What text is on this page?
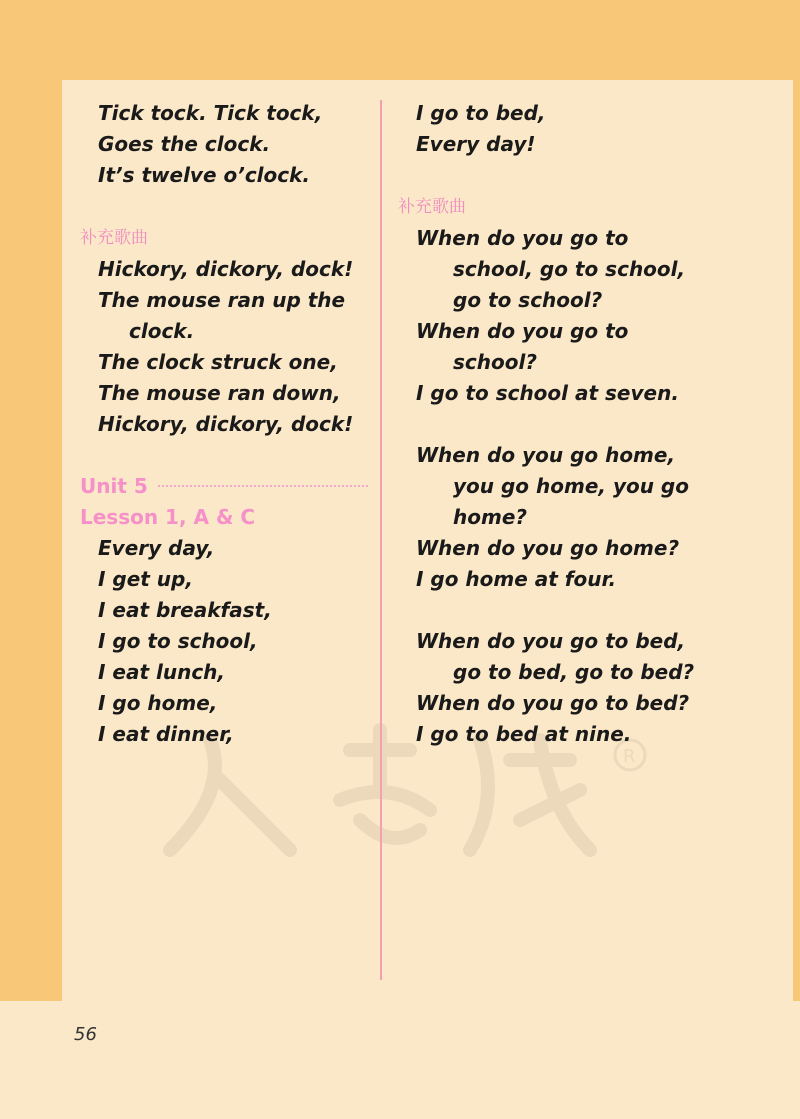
R
Tick tock. Tick tock,
Goes the clock.
It’s twelve o’clock.
补充歌曲
Hickory, dickory, dock!
The mouse ran up the
clock.
The clock struck one,
The mouse ran down,
Hickory, dickory, dock!
Unit 5
Lesson 1, A & C
Every day,
I get up,
I eat breakfast,
I go to school,
I eat lunch,
I go home,
I eat dinner,
I go to bed,
Every day!
补充歌曲
When do you go to
school, go to school,
go to school?
When do you go to
school?
I go to school at seven.
When do you go home,
you go home, you go
home?
When do you go home?
I go home at four.
When do you go to bed,
go to bed, go to bed?
When do you go to bed?
I go to bed at nine.
56
